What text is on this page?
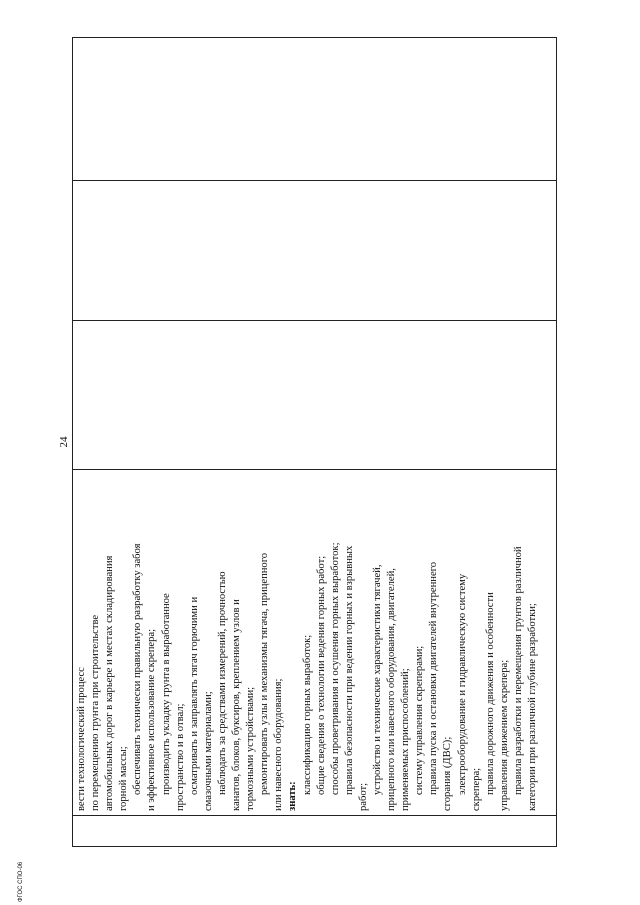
24
вести технологический процесс по перемещению грунта при строительстве автомобильных дорог в карьере и местах складирования горной массы; обеспечивать технически правильную разработку забоя и эффективное использование скрепера; производить укладку грунта в выработанное пространство и в отвал; осматривать и заправлять тягач горючими и смазочными материалами; наблюдать за средствами измерений, прочностью канатов, блоков, буксиров, креплением узлов и тормозными устройствами; ремонтировать узлы и механизмы тягача, прицепного или навесного оборудования; знать:
классификацию горных выработок; общие сведения о технологии ведения горных работ; способы проветривания и осушения горных выработок; правила безопасности при ведении горных и взрывных
работ;
устройство и технические характеристики тягачей, прицепного или навесного оборудования, двигателей, применяемых приспособлений; систему управления скреперами; правила пуска и остановки двигателей внутреннего сгорания (ДВС); электрооборудование и гидравлическую систему скрепера; правила дорожного движения и особенности управления движением скрепера; правила разработки и перемещения грунтов различной категории при различной глубине разработки;
ФГОС СПО-06
